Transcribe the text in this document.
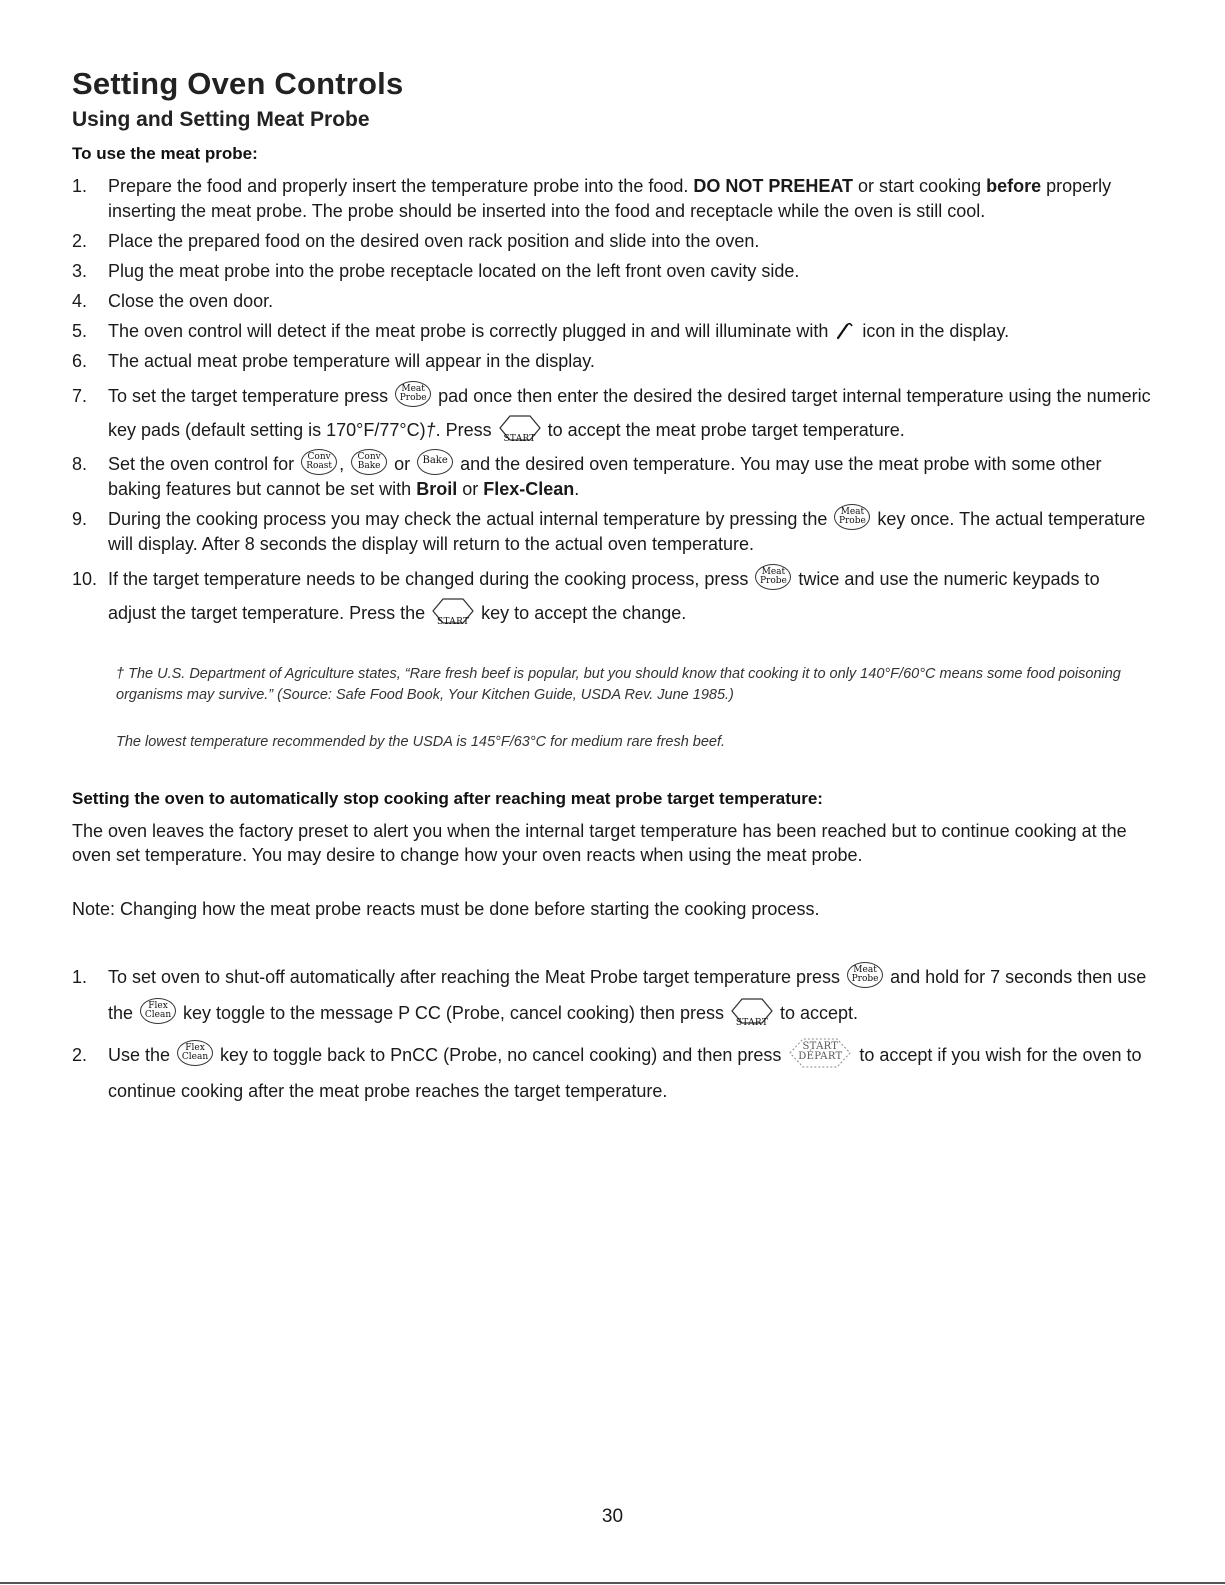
Setting Oven Controls
Using and Setting Meat Probe
To use the meat probe:
1. Prepare the food and properly insert the temperature probe into the food. DO NOT PREHEAT or start cooking before properly inserting the meat probe. The probe should be inserted into the food and receptacle while the oven is still cool.
2. Place the prepared food on the desired oven rack position and slide into the oven.
3. Plug the meat probe into the probe receptacle located on the left front oven cavity side.
4. Close the oven door.
5. The oven control will detect if the meat probe is correctly plugged in and will illuminate with  icon in the display.
6. The actual meat probe temperature will appear in the display.
7. To set the target temperature press Meat
Probe pad once then enter the desired the desired target internal temperature using the numeric key pads (default setting is 170°F/77°C)†. Press START to accept the meat probe target temperature.
8. Set the oven control for Conv
Roast , Conv
Bake or Bake and the desired oven temperature. You may use the meat probe with some other baking features but cannot be set with Broil or Flex-Clean.
9. During the cooking process you may check the actual internal temperature by pressing the Meat
Probe key once. The actual temperature will display. After 8 seconds the display will return to the actual oven temperature.
10. If the target temperature needs to be changed during the cooking process, press Meat
Probe twice and use the numeric keypads to adjust the target temperature. Press the START key to accept the change.

† The U.S. Department of Agriculture states, “Rare fresh beef is popular, but you should know that cooking it to only 140°F/60°C means some food poisoning organisms may survive.” (Source: Safe Food Book, Your Kitchen Guide, USDA Rev. June 1985.)

The lowest temperature recommended by the USDA is 145°F/63°C for medium rare fresh beef.

Setting the oven to automatically stop cooking after reaching meat probe target temperature:

The oven leaves the factory preset to alert you when the internal target temperature has been reached but to continue cooking at the oven set temperature. You may desire to change how your oven reacts when using the meat probe.

Note: Changing how the meat probe reacts must be done before starting the cooking process.

1. To set oven to shut-off automatically after reaching the Meat Probe target temperature press Meat
Probe and hold for 7 seconds then use the	Flex
Clean key toggle to the message P CC (Probe, cancel cooking) then press
START
to accept.
2. Use the	Flex
Clean key to toggle back to PnCC (Probe, no cancel cooking) and then press	START
DÉPART to accept if you wish for the oven to continue cooking after the meat probe reaches the target temperature.
30
